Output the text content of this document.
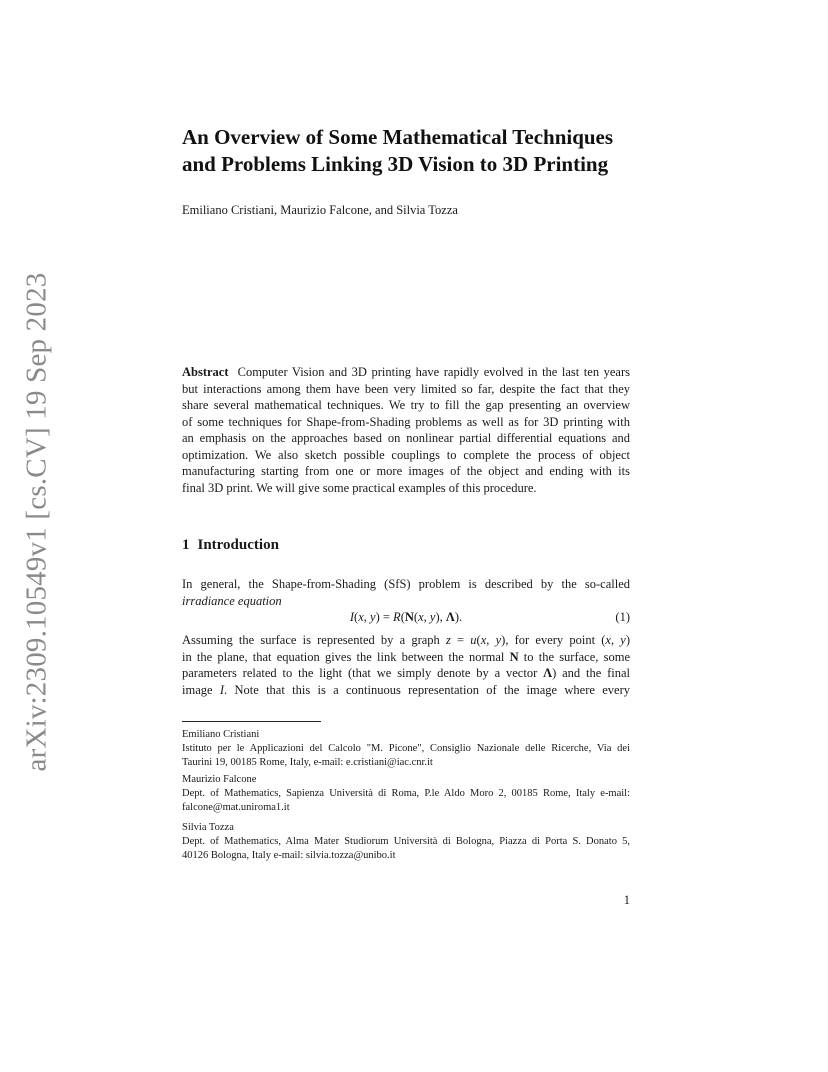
arXiv:2309.10549v1 [cs.CV] 19 Sep 2023
An Overview of Some Mathematical Techniques
and Problems Linking 3D Vision to 3D Printing
Emiliano Cristiani, Maurizio Falcone, and Silvia Tozza
Abstract Computer Vision and 3D printing have rapidly evolved in the last ten years
but interactions among them have been very limited so far, despite the fact that they
share several mathematical techniques. We try to fill the gap presenting an overview
of some techniques for Shape-from-Shading problems as well as for 3D printing with
an emphasis on the approaches based on nonlinear partial differential equations and
optimization. We also sketch possible couplings to complete the process of object
manufacturing starting from one or more images of the object and ending with its
final 3D print. We will give some practical examples of this procedure.
1 Introduction
In general, the Shape-from-Shading (SfS) problem is described by the so-called
irradiance equation
I(x, y) = R(N(x, y), Λ).	(1)
Assuming the surface is represented by a graph z = u(x, y), for every point (x, y)
in the plane, that equation gives the link between the normal N to the surface, some
parameters related to the light (that we simply denote by a vector Λ) and the final
image I. Note that this is a continuous representation of the image where every
Emiliano Cristiani
Istituto per le Applicazioni del Calcolo "M. Picone", Consiglio Nazionale delle Ricerche, Via dei
Taurini 19, 00185 Rome, Italy, e-mail: e.cristiani@iac.cnr.it
Maurizio Falcone
Dept. of Mathematics, Sapienza Università di Roma, P.le Aldo Moro 2, 00185 Rome, Italy e-mail:
falcone@mat.uniroma1.it
Silvia Tozza
Dept. of Mathematics, Alma Mater Studiorum Università di Bologna, Piazza di Porta S. Donato 5,
40126 Bologna, Italy e-mail: silvia.tozza@unibo.it
1
